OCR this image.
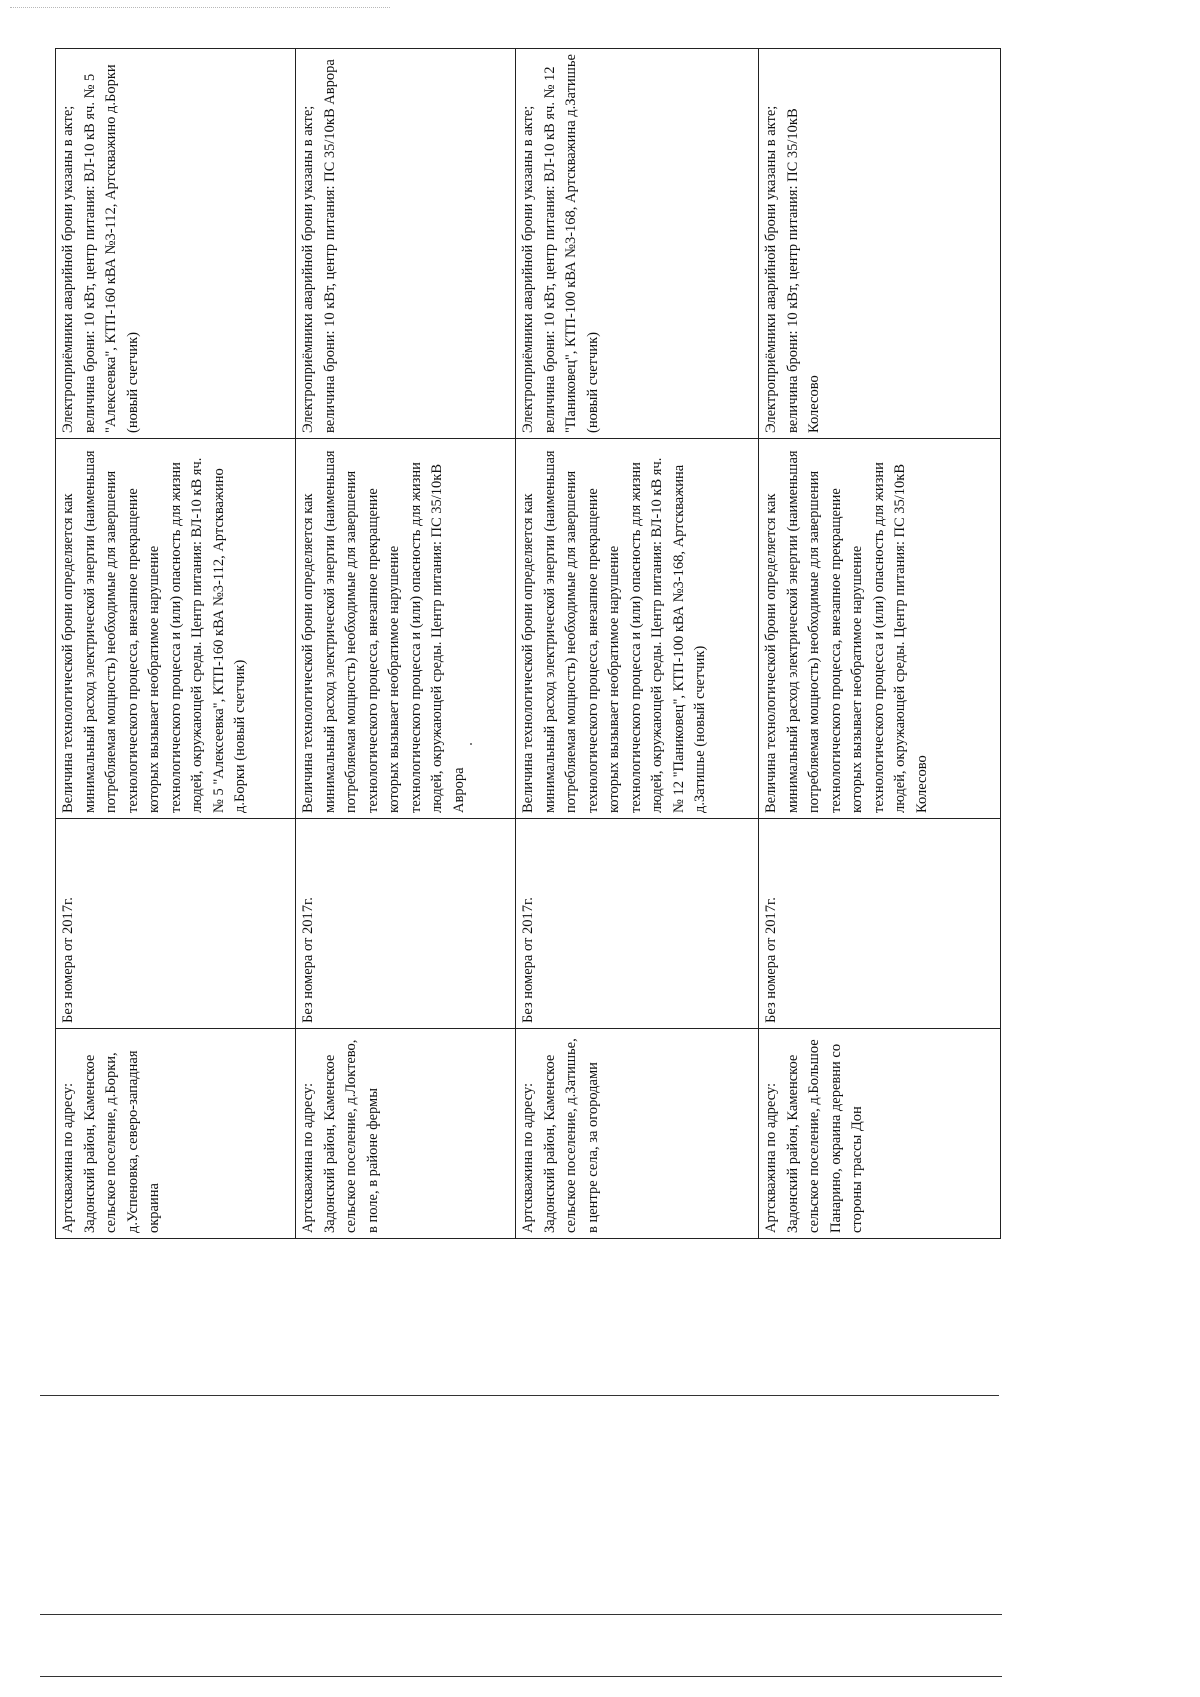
Артскважина по адресу: Задонский район, Каменское сельское поселение, д.Борки, д.Успеновка, северо-западная окраина	Без номера от 2017г.	Величина технологической брони определяется как минимальный расход электрической энергии (наименьшая потребляемая мощность) необходимые для завершения технологического процесса, внезапное прекращение которых вызывает необратимое нарушение технологического процесса и (или) опасность для жизни людей, окружающей среды. Центр питания: ВЛ-10 кВ яч. № 5 "Алексеевка", КТП-160 кВА №3-112, Артскважино д.Борки (новый счетчик)	Электроприёмники аварийной брони указаны в акте; величина брони: 10 кВт, центр питания: ВЛ-10 кВ яч. № 5 "Алексеевка", КТП-160 кВА №3-112, Артскважино д.Борки (новый счетчик)
Артскважина по адресу: Задонский район, Каменское сельское поселение, д.Локтево, в поле, в районе фермы	Без номера от 2017г.	Величина технологической брони определяется как минимальный расход электрической энергии (наименьшая потребляемая мощность) необходимые для завершения технологического процесса, внезапное прекращение которых вызывает необратимое нарушение технологического процесса и (или) опасность для жизни людей, окружающей среды. Центр питания: ПС 35/10кВ Аврора	Электроприёмники аварийной брони указаны в акте; величина брони: 10 кВт, центр питания: ПС 35/10кВ Аврора
Артскважина по адресу: Задонский район, Каменское сельское поселение, д.Затишье, в центре села, за огородами	Без номера от 2017г.	Величина технологической брони определяется как минимальный расход электрической энергии (наименьшая потребляемая мощность) необходимые для завершения технологического процесса, внезапное прекращение которых вызывает необратимое нарушение технологического процесса и (или) опасность для жизни людей, окружающей среды. Центр питания: ВЛ-10 кВ яч. № 12 "Паниковец", КТП-100 кВА №3-168, Артскважина д.Затишье (новый счетчик)	Электроприёмники аварийной брони указаны в акте; величина брони: 10 кВт, центр питания: ВЛ-10 кВ яч. № 12 "Паниковец", КТП-100 кВА №3-168, Артскважина д.Затишье (новый счетчик)
Артскважина по адресу: Задонский район, Каменское сельское поселение, д.Большое Панарино, окраина деревни со стороны трассы Дон	Без номера от 2017г.	Величина технологической брони определяется как минимальный расход электрической энергии (наименьшая потребляемая мощность) необходимые для завершения технологического процесса, внезапное прекращение которых вызывает необратимое нарушение технологического процесса и (или) опасность для жизни людей, окружающей среды. Центр питания: ПС 35/10кВ Колесово	Электроприёмники аварийной брони указаны в акте; величина брони: 10 кВт, центр питания: ПС 35/10кВ Колесово
